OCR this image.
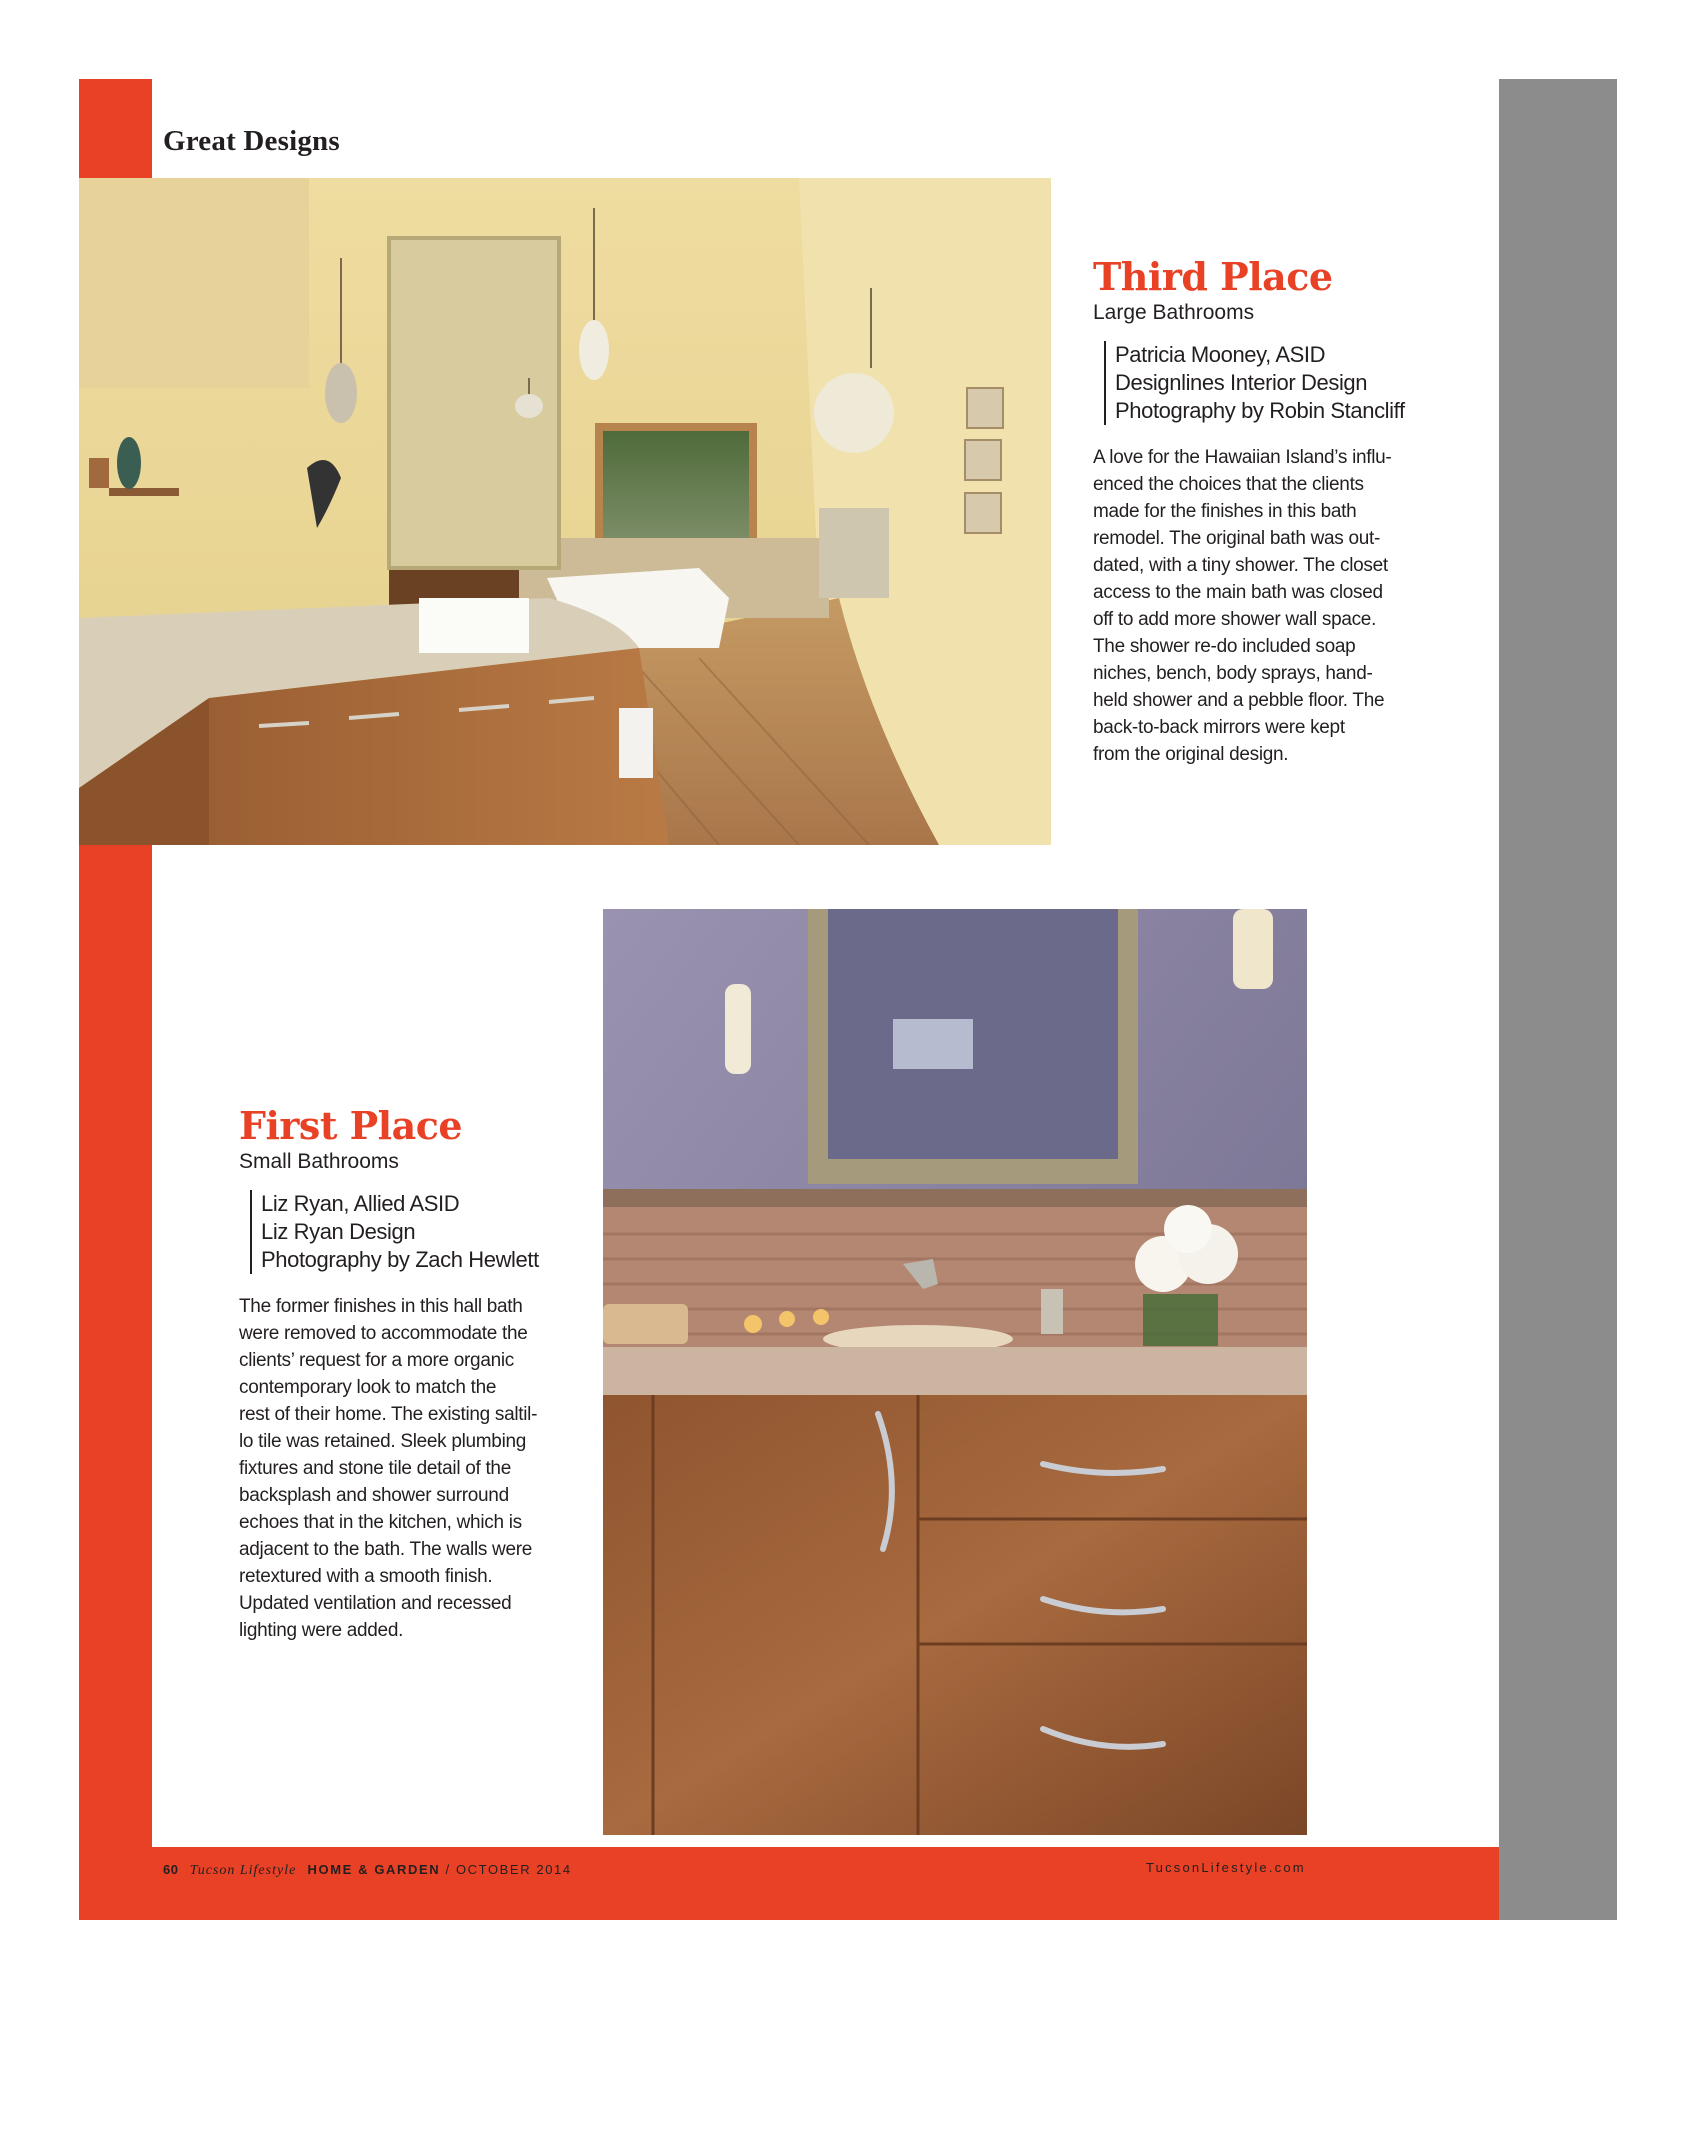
Great Designs
Third Place
Large Bathrooms
Patricia Mooney, ASID
Designlines Interior Design
Photography by Robin Stancliff
A love for the Hawaiian Island’s influ-
enced the choices that the clients
made for the finishes in this bath
remodel. The original bath was out-
dated, with a tiny shower. The closet
access to the main bath was closed
off to add more shower wall space.
The shower re-do included soap
niches, bench, body sprays, hand-
held shower and a pebble floor. The
back-to-back mirrors were kept
from the original design.
First Place
Small Bathrooms
Liz Ryan, Allied ASID
Liz Ryan Design
Photography by Zach Hewlett
The former finishes in this hall bath
were removed to accommodate the
clients’ request for a more organic
contemporary look to match the
rest of their home. The existing saltil-
lo tile was retained. Sleek plumbing
fixtures and stone tile detail of the
backsplash and shower surround
echoes that in the kitchen, which is
adjacent to the bath. The walls were
retextured with a smooth finish.
Updated ventilation and recessed
lighting were added.
60 Tucson Lifestyle HOME & GARDEN / OCTOBER 2014	TucsonLifestyle.com
